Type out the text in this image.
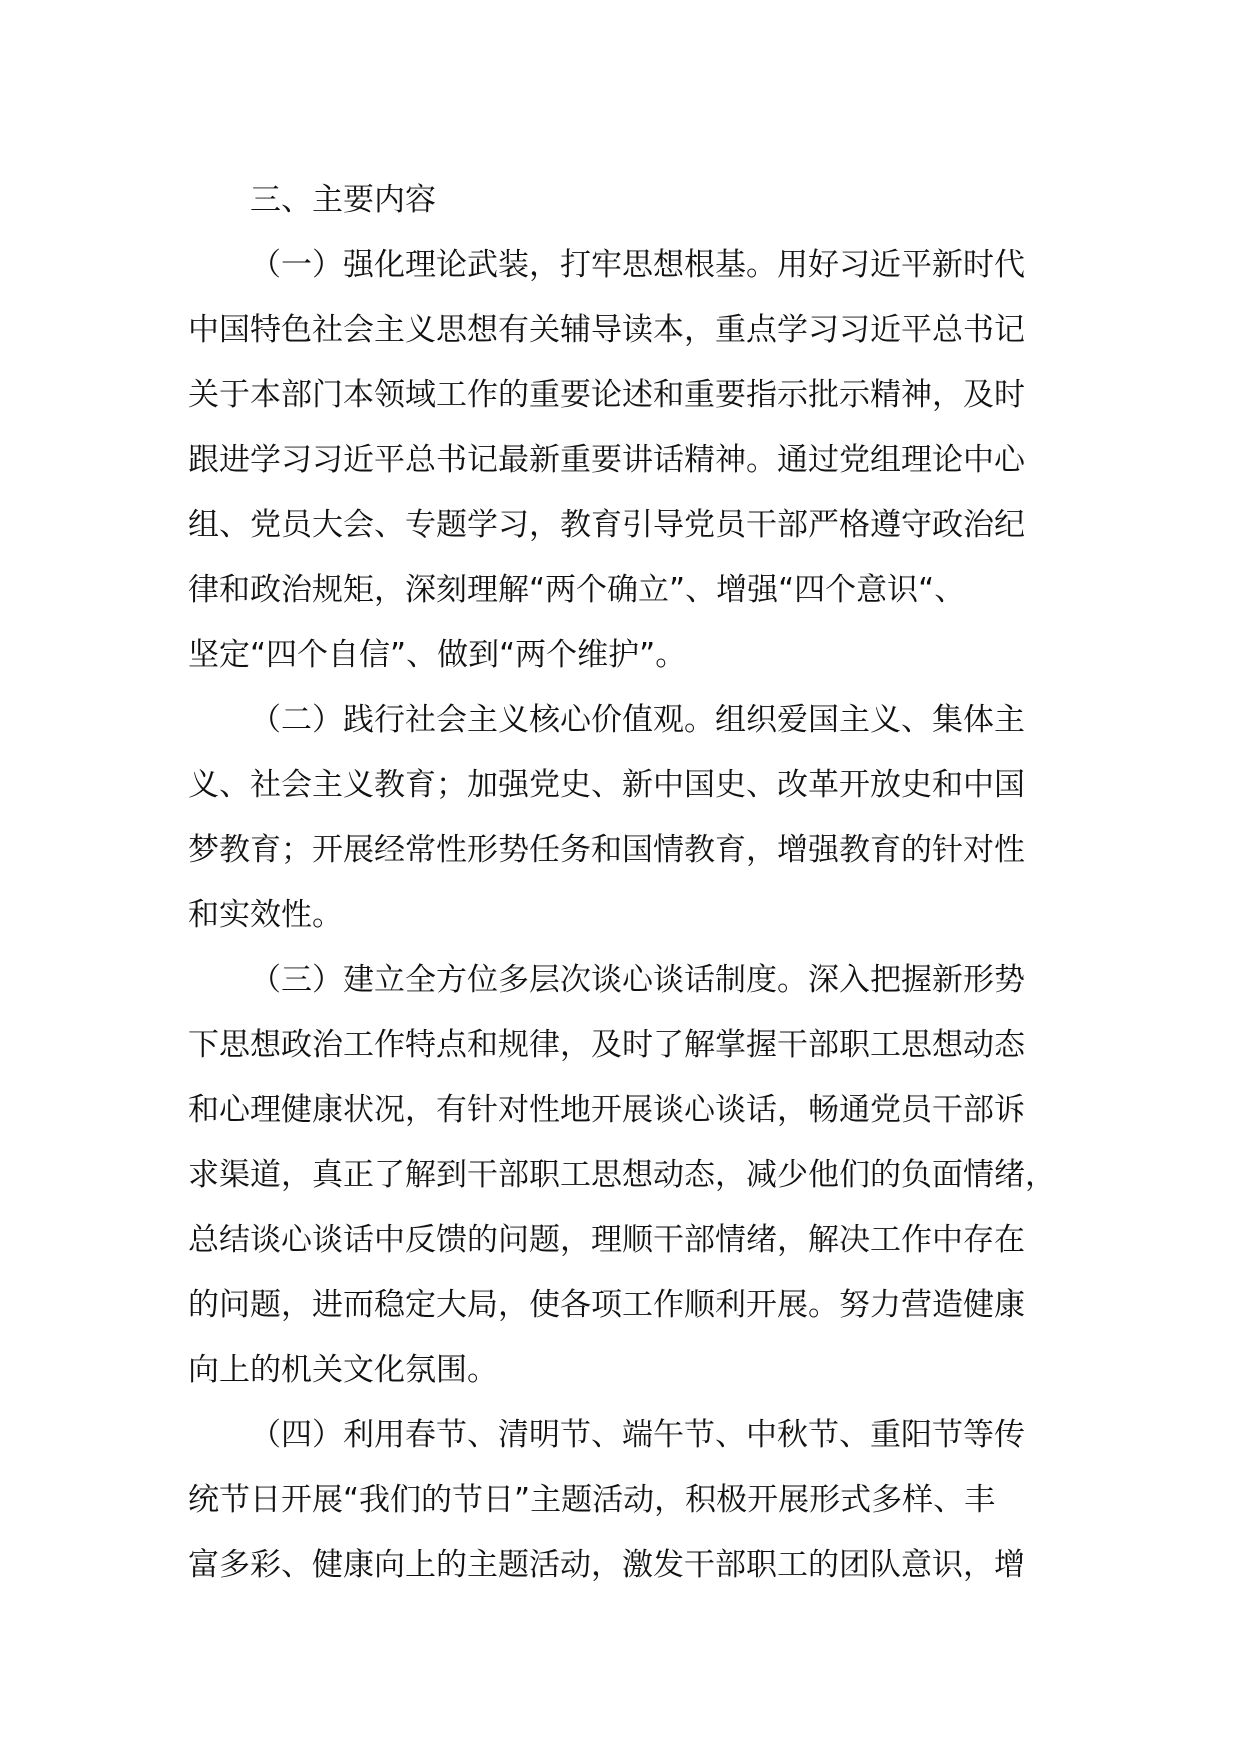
三、主要内容
（一）强化理论武装，打牢思想根基。用好习近平新时代
中国特色社会主义思想有关辅导读本，重点学习习近平总书记
关于本部门本领域工作的重要论述和重要指示批示精神，及时
跟进学习习近平总书记最新重要讲话精神。通过党组理论中心
组、党员大会、专题学习，教育引导党员干部严格遵守政治纪
律和政治规矩，深刻理解“两个确立”、增强“四个意识“、
坚定“四个自信”、做到“两个维护”。
（二）践行社会主义核心价值观。组织爱国主义、集体主
义、社会主义教育；加强党史、新中国史、改革开放史和中国
梦教育；开展经常性形势任务和国情教育，增强教育的针对性
和实效性。
（三）建立全方位多层次谈心谈话制度。深入把握新形势
下思想政治工作特点和规律，及时了解掌握干部职工思想动态
和心理健康状况，有针对性地开展谈心谈话，畅通党员干部诉
求渠道，真正了解到干部职工思想动态，减少他们的负面情绪，
总结谈心谈话中反馈的问题，理顺干部情绪，解决工作中存在
的问题，进而稳定大局，使各项工作顺利开展。努力营造健康
向上的机关文化氛围。
（四）利用春节、清明节、端午节、中秋节、重阳节等传
统节日开展“我们的节日”主题活动，积极开展形式多样、丰
富多彩、健康向上的主题活动，激发干部职工的团队意识，增
